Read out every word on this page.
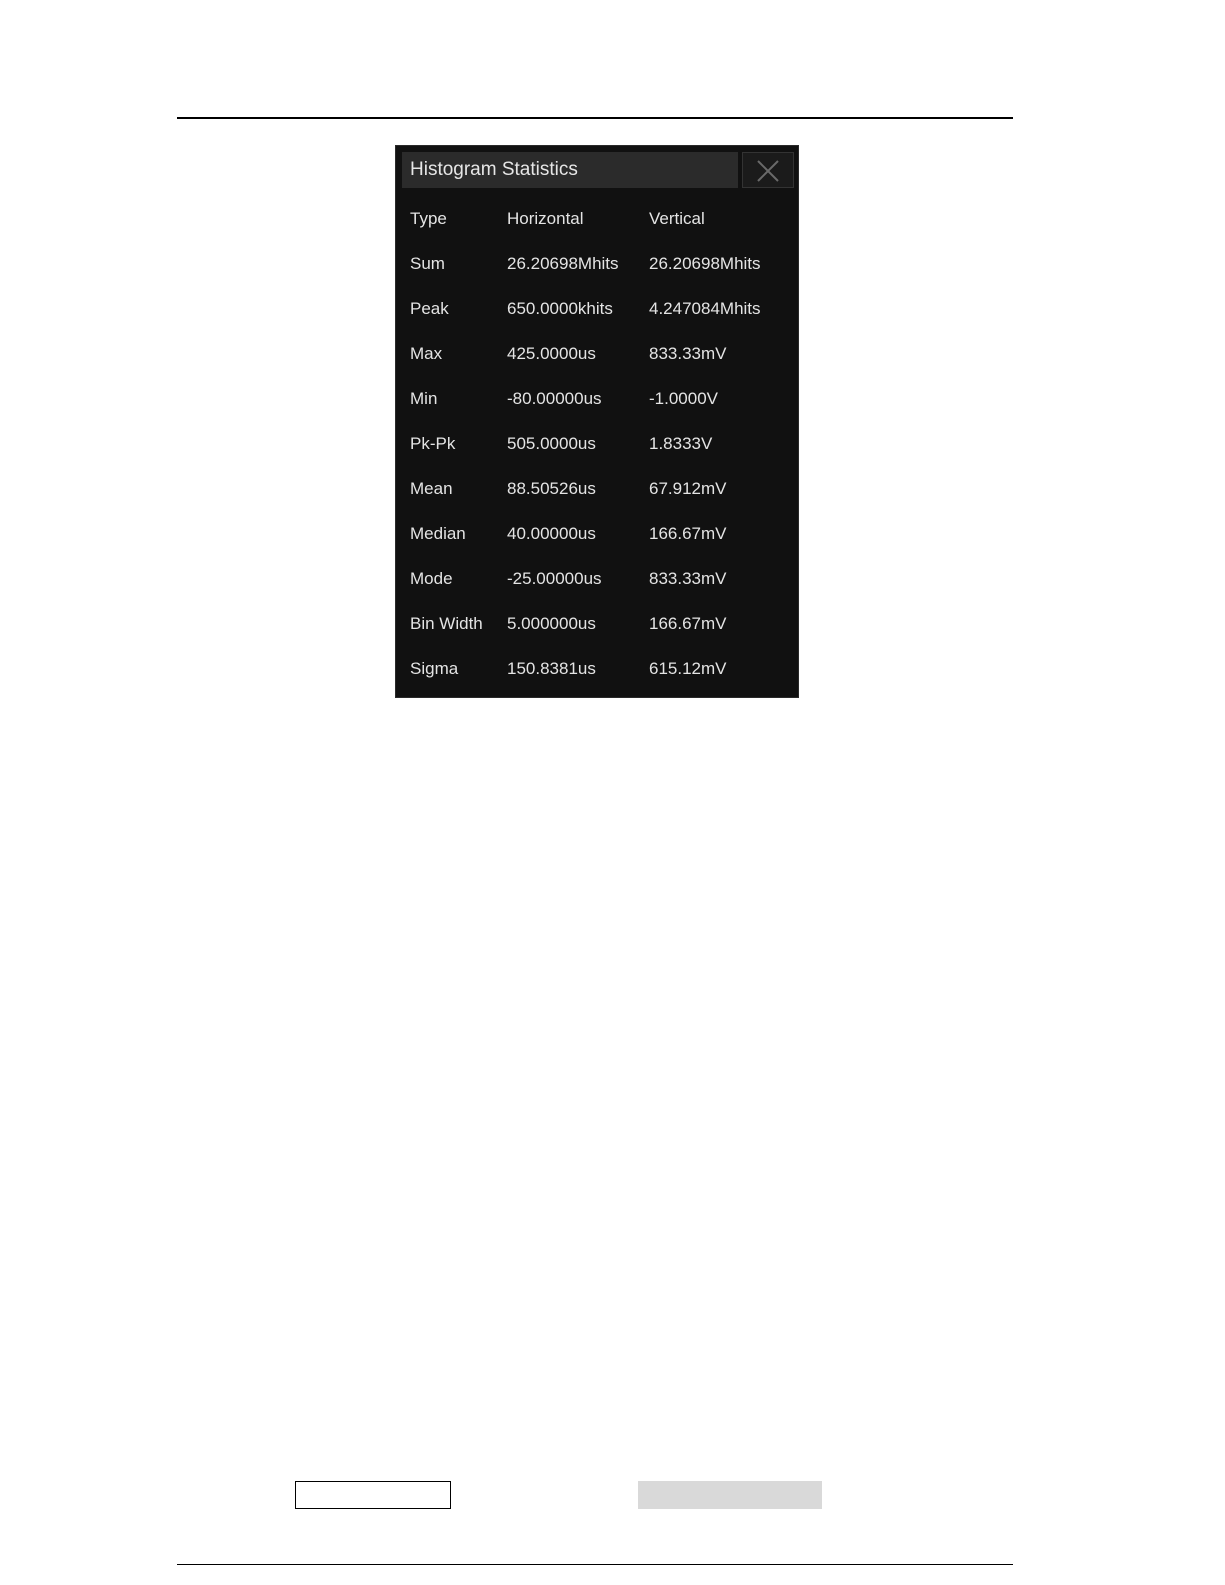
Histogram Statistics
Type	Horizontal	Vertical
Sum	26.20698Mhits 26.20698Mhits
Peak	650.0000khits 4.247084Mhits
Max	425.0000us	833.33mV
Min	-80.00000us	-1.0000V
Pk-Pk	505.0000us	1.8333V
Mean	88.50526us	67.912mV
Median 40.00000us	166.67mV
Mode	-25.00000us	833.33mV
Bin Width 5.000000us	166.67mV
Sigma	150.8381us	615.12mV
